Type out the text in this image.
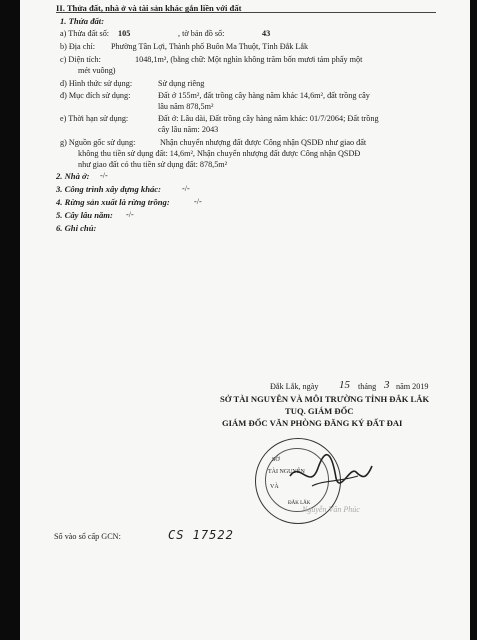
II. Thửa đất, nhà ở và tài sản khác gắn liền với đất
1. Thửa đất:
a) Thửa đất số: 105	, tờ bản đồ số:	43
b) Địa chỉ: Phường Tân Lợi, Thành phố Buôn Ma Thuột, Tỉnh Đắk Lắk
c) Diện tích:	1048,1m², (bằng chữ: Một nghìn không trăm bốn mươi tám phẩy một
mét vuông)
d) Hình thức sử dụng:	Sử dụng riêng
đ) Mục đích sử dụng:	Đất ở 155m², đất trồng cây hàng năm khác 14,6m², đất trồng cây
lâu năm 878,5m²
e) Thời hạn sử dụng:	Đất ở: Lâu dài, Đất trồng cây hàng năm khác: 01/7/2064; Đất trồng
cây lâu năm: 2043
g) Nguồn gốc sử dụng:	Nhận chuyển nhượng đất được Công nhận QSDĐ như giao đất
không thu tiền sử dụng đất: 14,6m², Nhận chuyển nhượng đất được Công nhận QSDĐ
như giao đất có thu tiền sử dụng đất: 878,5m²
2. Nhà ở: -/-
3. Công trình xây dựng khác:	-/-
4. Rừng sản xuất là rừng trồng:	-/-
5. Cây lâu năm: -/-
6. Ghi chú:
Đắk Lắk, ngày 15 tháng 3 năm 2019
SỞ TÀI NGUYÊN VÀ MÔI TRƯỜNG TỈNH ĐẮK LẮK
TUQ. GIÁM ĐỐC
GIÁM ĐỐC VĂN PHÒNG ĐĂNG KÝ ĐẤT ĐAI
SỞ
TÀI NGUYÊN
VÀ
ĐẮK LẮK
Nguyễn Văn Phúc
Số vào sổ cấp GCN:	CS 17522
